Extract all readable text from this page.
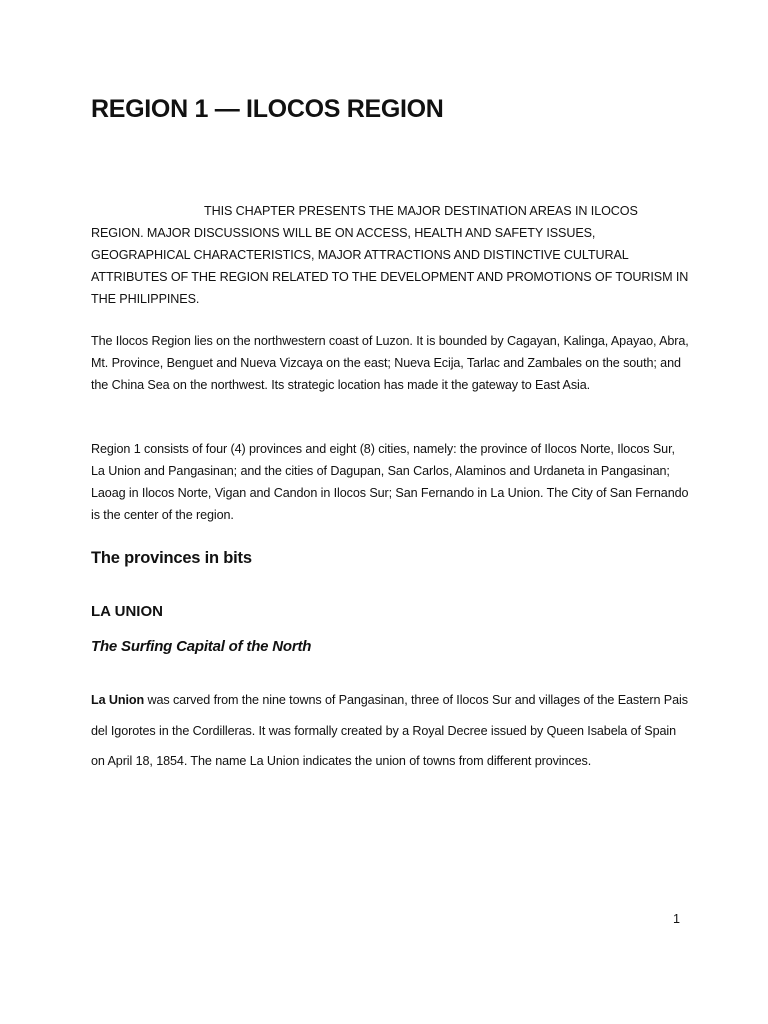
REGION 1 — ILOCOS REGION

THIS CHAPTER PRESENTS THE MAJOR DESTINATION AREAS IN ILOCOS REGION. MAJOR DISCUSSIONS WILL BE ON ACCESS, HEALTH AND SAFETY ISSUES, GEOGRAPHICAL CHARACTERISTICS, MAJOR ATTRACTIONS AND DISTINCTIVE CULTURAL ATTRIBUTES OF THE REGION RELATED TO THE DEVELOPMENT AND PROMOTIONS OF TOURISM IN THE PHILIPPINES.

The Ilocos Region lies on the northwestern coast of Luzon. It is bounded by Cagayan, Kalinga, Apayao, Abra, Mt. Province, Benguet and Nueva Vizcaya on the east; Nueva Ecija, Tarlac and Zambales on the south; and the China Sea on the northwest. Its strategic location has made it the gateway to East Asia.

Region 1 consists of four (4) provinces and eight (8) cities, namely: the province of Ilocos Norte, Ilocos Sur, La Union and Pangasinan; and the cities of Dagupan, San Carlos, Alaminos and Urdaneta in Pangasinan; Laoag in Ilocos Norte, Vigan and Candon in Ilocos Sur; San Fernando in La Union. The City of San Fernando is the center of the region.

The provinces in bits
LA UNION

The Surfing Capital of the North

La Union was carved from the nine towns of Pangasinan, three of Ilocos Sur and villages of the Eastern Pais del Igorotes in the Cordilleras. It was formally created by a Royal Decree issued by Queen Isabela of Spain on April 18, 1854. The name La Union indicates the union of towns from different provinces.

1
